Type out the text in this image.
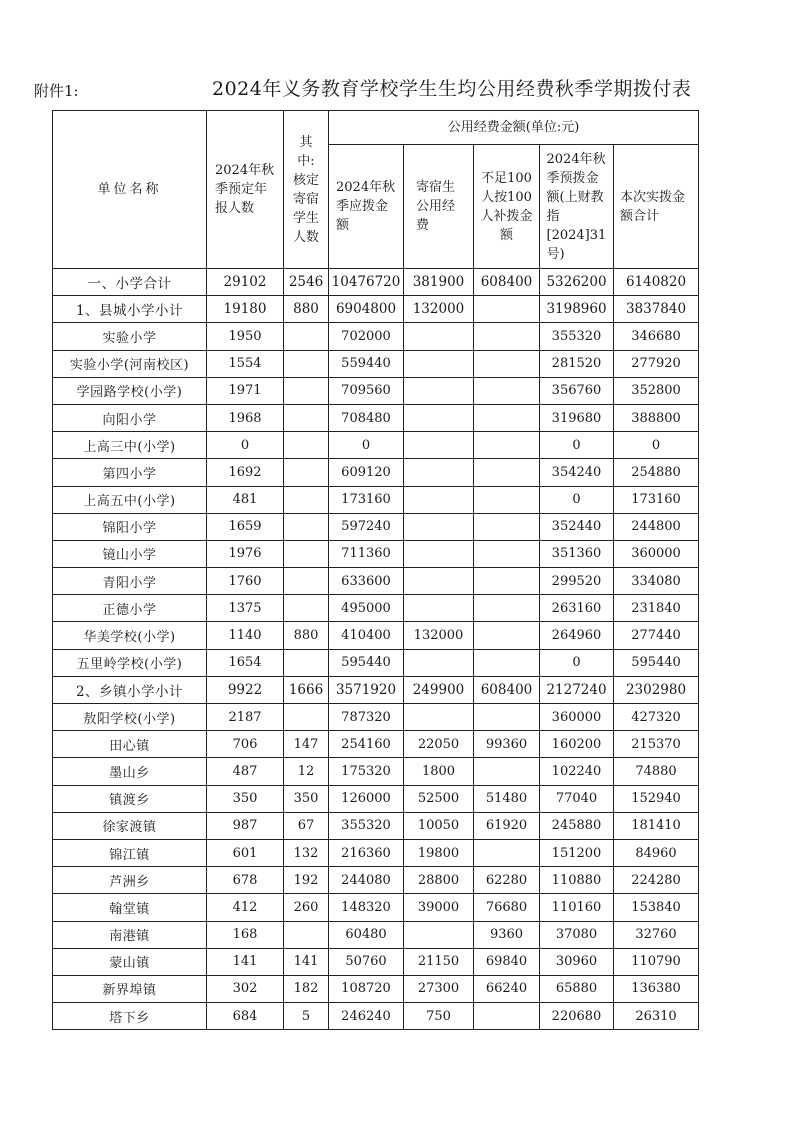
附件1:	2024年义务教育学校学生生均公用经费秋季学期拨付表
单位名称	2024年秋季预定年报人数	其中:核定寄宿学生人数	公用经费金额(单位:元)				
			2024年秋季应拨金额	寄宿生公用经费	不足100人按100人补拨金额	2024年秋季预拨金额(上财教指[2024]31号)	本次实拨金额合计
一、小学合计	29102	2546	10476720	381900	608400	5326200	6140820
1、县城小学小计	19180	880	6904800	132000		3198960	3837840
实验小学	1950		702000			355320	346680
实验小学(河南校区)	1554		559440			281520	277920
学园路学校(小学)	1971		709560			356760	352800
向阳小学	1968		708480			319680	388800
上高三中(小学)	0		0			0	0
第四小学	1692		609120			354240	254880
上高五中(小学)	481		173160			0	173160
锦阳小学	1659		597240			352440	244800
镜山小学	1976		711360			351360	360000
青阳小学	1760		633600			299520	334080
正德小学	1375		495000			263160	231840
华美学校(小学)	1140	880	410400	132000		264960	277440
五里岭学校(小学)	1654		595440			0	595440
2、乡镇小学小计	9922	1666	3571920	249900	608400	2127240	2302980
敖阳学校(小学)	2187		787320			360000	427320
田心镇	706	147	254160	22050	99360	160200	215370
墨山乡	487	12	175320	1800		102240	74880
镇渡乡	350	350	126000	52500	51480	77040	152940
徐家渡镇	987	67	355320	10050	61920	245880	181410
锦江镇	601	132	216360	19800		151200	84960
芦洲乡	678	192	244080	28800	62280	110880	224280
翰堂镇	412	260	148320	39000	76680	110160	153840
南港镇	168		60480		9360	37080	32760
蒙山镇	141	141	50760	21150	69840	30960	110790
新界埠镇	302	182	108720	27300	66240	65880	136380
塔下乡	684	5	246240	750		220680	26310
